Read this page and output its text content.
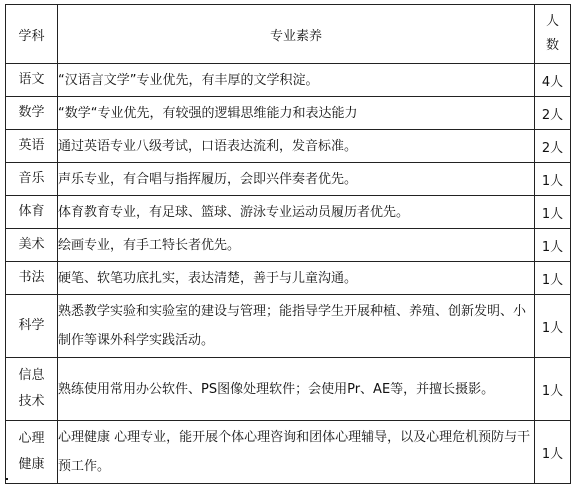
学科	专业素养	人数

语文	“汉语言文学”专业优先，有丰厚的文学积淀。	4人
数学	“数学“专业优先，有较强的逻辑思维能力和表达能力	2人
英语	通过英语专业八级考试，口语表达流利，发音标准。	2人
音乐	声乐专业，有合唱与指挥履历，会即兴伴奏者优先。	1人
体育	体育教育专业，有足球、篮球、游泳专业运动员履历者优先。	1人
美术	绘画专业，有手工特长者优先。	1人
书法	硬笔、软笔功底扎实，表达清楚，善于与儿童沟通。	1人
科学	熟悉教学实验和实验室的建设与管理；能指导学生开展种植、养殖、创新发明、小制作等课外科学实践活动。	1人

信息技术	熟练使用常用办公软件、PS图像处理软件；会使用Pr、AE等，并擅长摄影。	1人

心理健康	心理健康 心理专业，能开展个体心理咨询和团体心理辅导，以及心理危机预防与干预工作。	1人
